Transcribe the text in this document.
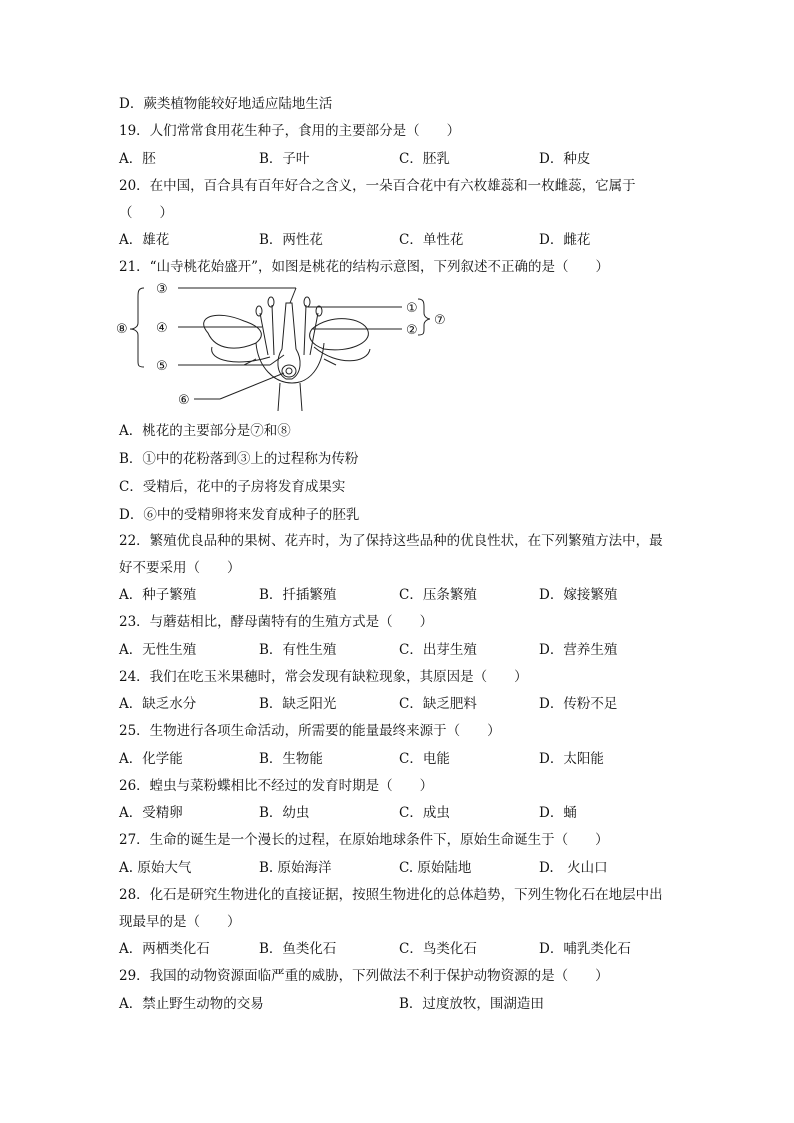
D．蕨类植物能较好地适应陆地生活
19．人们常常食用花生种子，食用的主要部分是（　　）
A．胚	B．子叶	C．胚乳	D．种皮
20．在中国，百合具有百年好合之含义，一朵百合花中有六枚雄蕊和一枚雌蕊，它属于
（　　）
A．雄花	B．两性花	C．单性花	D．雌花
21．“山寺桃花始盛开”，如图是桃花的结构示意图，下列叙述不正确的是（　　）
③
⑧ ④
⑤
⑥
①
②
⑦
A．桃花的主要部分是⑦和⑧
B．①中的花粉落到③上的过程称为传粉
C．受精后，花中的子房将发育成果实
D．⑥中的受精卵将来发育成种子的胚乳
22．繁殖优良品种的果树、花卉时，为了保持这些品种的优良性状，在下列繁殖方法中，最
好不要采用（　　）
A．种子繁殖	B．扦插繁殖	C．压条繁殖	D．嫁接繁殖
23．与蘑菇相比，酵母菌特有的生殖方式是（　　）
A．无性生殖	B．有性生殖	C．出芽生殖	D．营养生殖
24．我们在吃玉米果穗时，常会发现有缺粒现象，其原因是（　　）
A．缺乏水分	B．缺乏阳光	C．缺乏肥料	D．传粉不足
25．生物进行各项生命活动，所需要的能量最终来源于（　　）
A．化学能	B．生物能	C．电能	D．太阳能
26．蝗虫与菜粉蝶相比不经过的发育时期是（　　）
A．受精卵	B．幼虫	C．成虫	D．蛹
27．生命的诞生是一个漫长的过程，在原始地球条件下，原始生命诞生于（　　）
A. 原始大气	B. 原始海洋	C. 原始陆地	D.　火山口
28．化石是研究生物进化的直接证据，按照生物进化的总体趋势，下列生物化石在地层中出
现最早的是（　　）
A．两栖类化石	B．鱼类化石	C．鸟类化石	D．哺乳类化石
29．我国的动物资源面临严重的威胁，下列做法不利于保护动物资源的是（　　）
A．禁止野生动物的交易	B．过度放牧，围湖造田
